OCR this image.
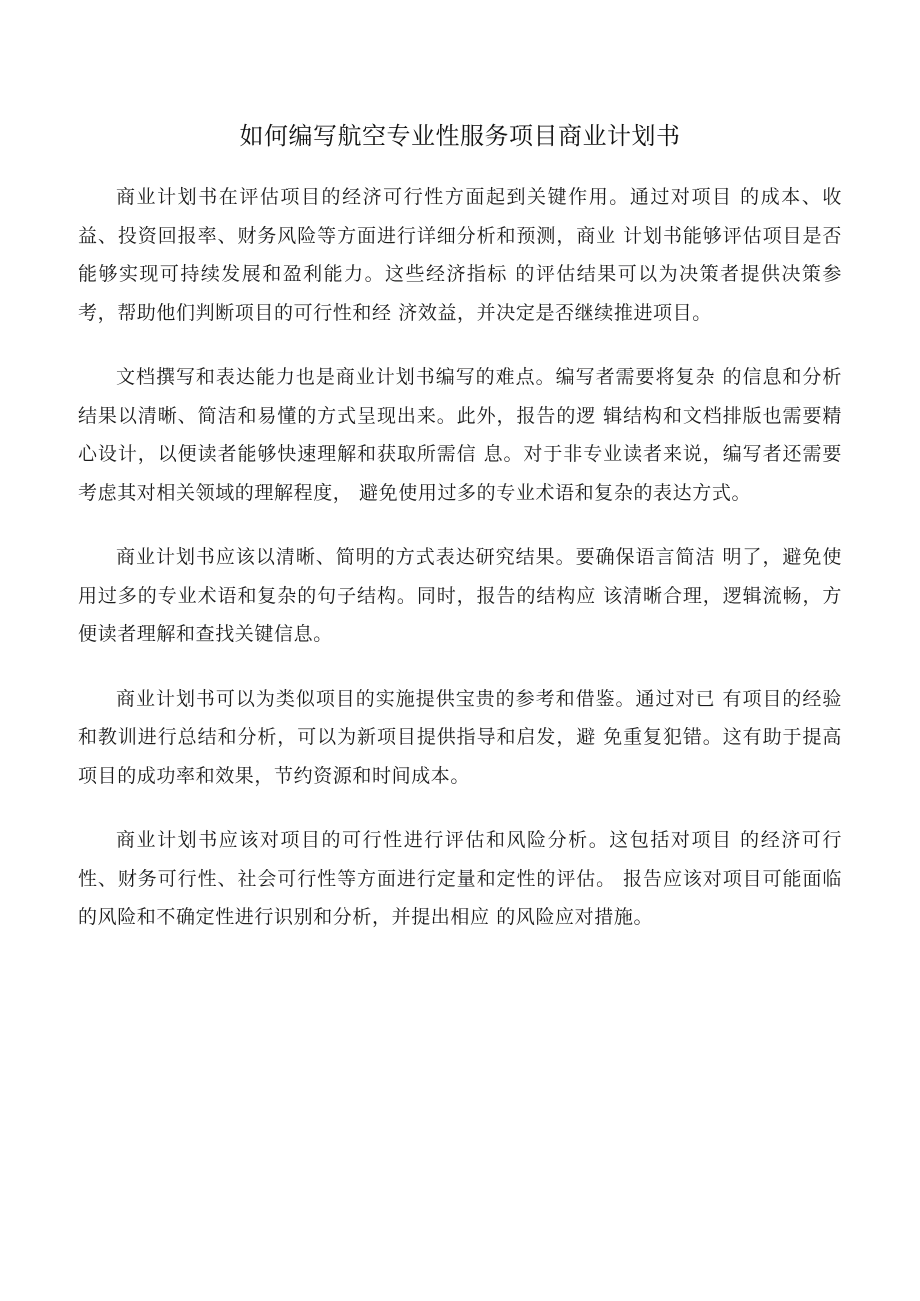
如何编写航空专业性服务项目商业计划书

商业计划书在评估项目的经济可行性方面起到关键作用。通过对项目 的成本、收益、投资回报率、财务风险等方面进行详细分析和预测，商业 计划书能够评估项目是否能够实现可持续发展和盈利能力。这些经济指标 的评估结果可以为决策者提供决策参考，帮助他们判断项目的可行性和经 济效益，并决定是否继续推进项目。

文档撰写和表达能力也是商业计划书编写的难点。编写者需要将复杂 的信息和分析结果以清晰、简洁和易懂的方式呈现出来。此外，报告的逻 辑结构和文档排版也需要精心设计，以便读者能够快速理解和获取所需信 息。对于非专业读者来说，编写者还需要考虑其对相关领域的理解程度， 避免使用过多的专业术语和复杂的表达方式。

商业计划书应该以清晰、简明的方式表达研究结果。要确保语言简洁 明了，避免使用过多的专业术语和复杂的句子结构。同时，报告的结构应 该清晰合理，逻辑流畅，方便读者理解和查找关键信息。

商业计划书可以为类似项目的实施提供宝贵的参考和借鉴。通过对已 有项目的经验和教训进行总结和分析，可以为新项目提供指导和启发，避 免重复犯错。这有助于提高项目的成功率和效果，节约资源和时间成本。

商业计划书应该对项目的可行性进行评估和风险分析。这包括对项目 的经济可行性、财务可行性、社会可行性等方面进行定量和定性的评估。 报告应该对项目可能面临的风险和不确定性进行识别和分析，并提出相应 的风险应对措施。
